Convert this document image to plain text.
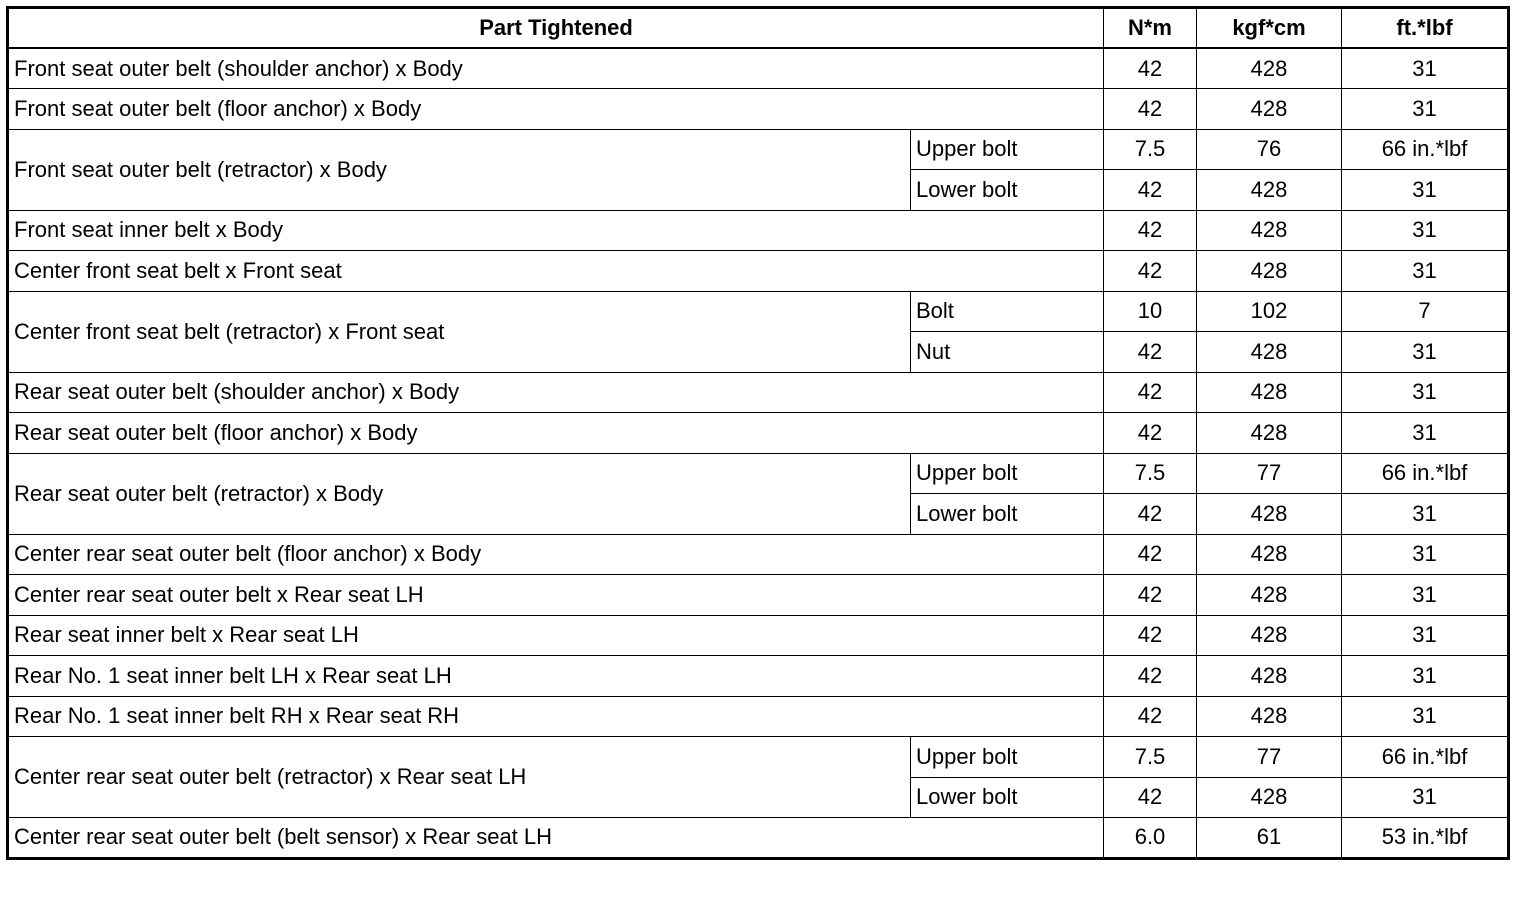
Part Tightened		N*m	kgf*cm	ft.*lbf
Front seat outer belt (shoulder anchor) x Body		42	428	31
Front seat outer belt (floor anchor) x Body		42	428	31
Front seat outer belt (retractor) x Body	Upper bolt	7.5	76	66 in.*lbf
	Lower bolt	42	428	31
Front seat inner belt x Body		42	428	31
Center front seat belt x Front seat		42	428	31
Center front seat belt (retractor) x Front seat	Bolt	10	102	7
	Nut	42	428	31
Rear seat outer belt (shoulder anchor) x Body		42	428	31
Rear seat outer belt (floor anchor) x Body		42	428	31
Rear seat outer belt (retractor) x Body	Upper bolt	7.5	77	66 in.*lbf
	Lower bolt	42	428	31
Center rear seat outer belt (floor anchor) x Body		42	428	31
Center rear seat outer belt x Rear seat LH		42	428	31
Rear seat inner belt x Rear seat LH		42	428	31
Rear No. 1 seat inner belt LH x Rear seat LH		42	428	31
Rear No. 1 seat inner belt RH x Rear seat RH		42	428	31
Center rear seat outer belt (retractor) x Rear seat LH	Upper bolt	7.5	77	66 in.*lbf
	Lower bolt	42	428	31
Center rear seat outer belt (belt sensor) x Rear seat LH		6.0	61	53 in.*lbf
